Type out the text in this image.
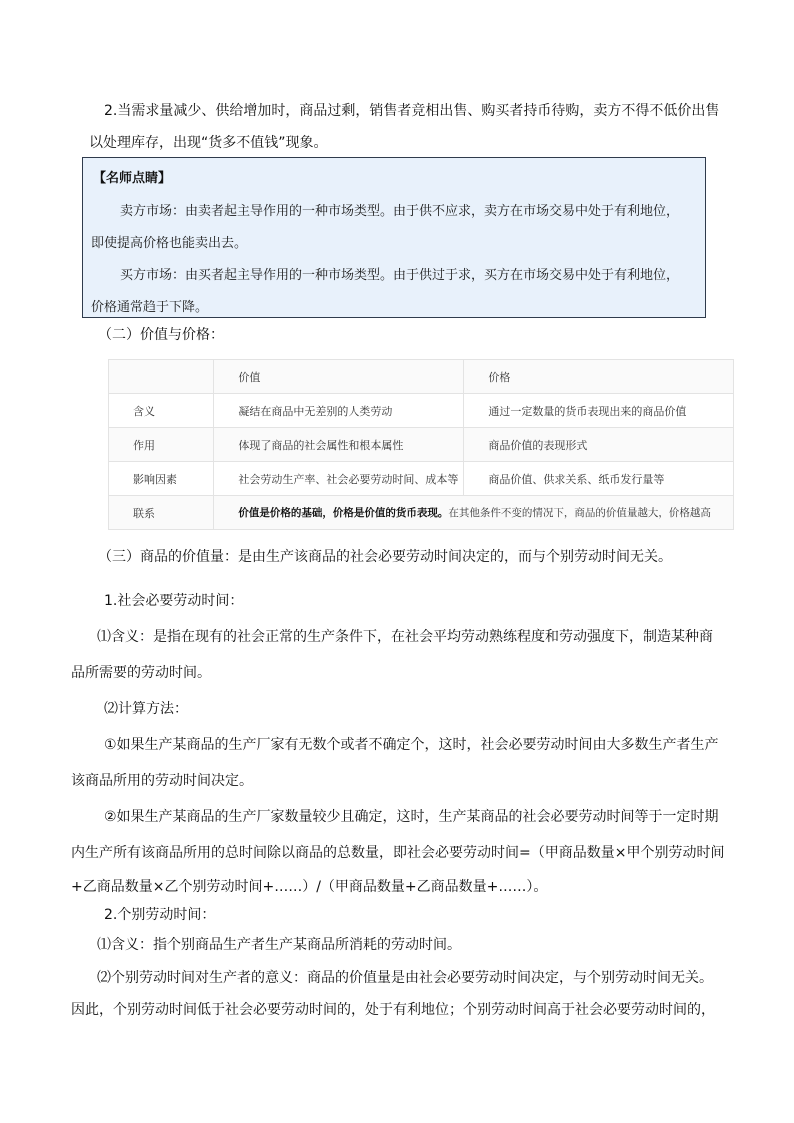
2.当需求量减少、供给增加时，商品过剩，销售者竞相出售、购买者持币待购，卖方不得不低价出售
以处理库存，出现“货多不值钱”现象。
【名师点睛】
卖方市场：由卖者起主导作用的一种市场类型。由于供不应求，卖方在市场交易中处于有利地位，
即使提高价格也能卖出去。
买方市场：由买者起主导作用的一种市场类型。由于供过于求，买方在市场交易中处于有利地位，
价格通常趋于下降。
（二）价值与价格：
	价值	价格
含义	凝结在商品中无差别的人类劳动	通过一定数量的货币表现出来的商品价值
作用	体现了商品的社会属性和根本属性	商品价值的表现形式
影响因素	社会劳动生产率、社会必要劳动时间、成本等	商品价值、供求关系、纸币发行量等
联系	价值是价格的基础，价格是价值的货币表现。在其他条件不变的情况下，商品的价值量越大，价格越高	
（三）商品的价值量：是由生产该商品的社会必要劳动时间决定的，而与个别劳动时间无关。
1.社会必要劳动时间：
⑴含义：是指在现有的社会正常的生产条件下，在社会平均劳动熟练程度和劳动强度下，制造某种商
品所需要的劳动时间。
⑵计算方法：
①如果生产某商品的生产厂家有无数个或者不确定个，这时，社会必要劳动时间由大多数生产者生产
该商品所用的劳动时间决定。
②如果生产某商品的生产厂家数量较少且确定，这时，生产某商品的社会必要劳动时间等于一定时期
内生产所有该商品所用的总时间除以商品的总数量，即社会必要劳动时间=（甲商品数量×甲个别劳动时间
+乙商品数量×乙个别劳动时间+……）/（甲商品数量+乙商品数量+……）。
2.个别劳动时间：
⑴含义：指个别商品生产者生产某商品所消耗的劳动时间。
⑵个别劳动时间对生产者的意义：商品的价值量是由社会必要劳动时间决定，与个别劳动时间无关。
因此，个别劳动时间低于社会必要劳动时间的，处于有利地位；个别劳动时间高于社会必要劳动时间的，
